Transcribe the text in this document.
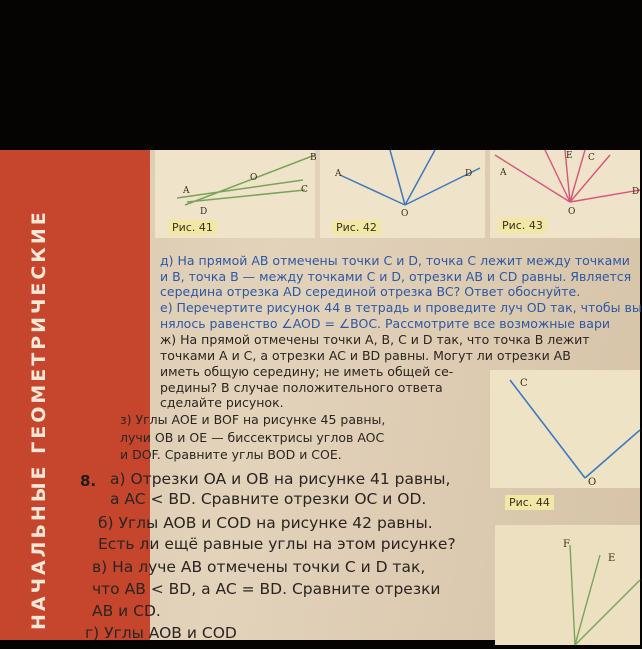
НАЧАЛЬНЫЕ ГЕОМЕТРИЧЕСКИЕ
B
A
O
C
D
Рис. 41
A	D
O
Рис. 42
E C
A
D
O
Рис. 43
д) На прямой AB отмечены точки C и D, точка C лежит между точками
и B, точка B — между точками C и D, отрезки AB и CD равны. Является
середина отрезка AD серединой отрезка BC? Ответ обоснуйте.
е) Перечертите рисунок 44 в тетрадь и проведите луч OD так, чтобы вы
нялось равенство ∠AOD = ∠BOC. Рассмотрите все возможные вари
ж) На прямой отмечены точки A, B, C и D так, что точка B лежит
точками A и C, а отрезки AC и BD равны. Могут ли отрезки AB
иметь общую середину; не иметь общей се-
редины? В случае положительного ответа
сделайте рисунок.
з) Углы AOE и BOF на рисунке 45 равны,
лучи OB и OE — биссектрисы углов AOC
и DOF. Сравните углы BOD и COE.
8. а) Отрезки OA и OB на рисунке 41 равны,
а AC < BD. Сравните отрезки OC и OD.
б) Углы AOB и COD на рисунке 42 равны.
Есть ли ещё равные углы на этом рисунке?
в) На луче AB отмечены точки C и D так,
что AB < BD, а AC = BD. Сравните отрезки
AB и CD.
г) Углы AOB и COD
C
O
Рис. 44
F
E
